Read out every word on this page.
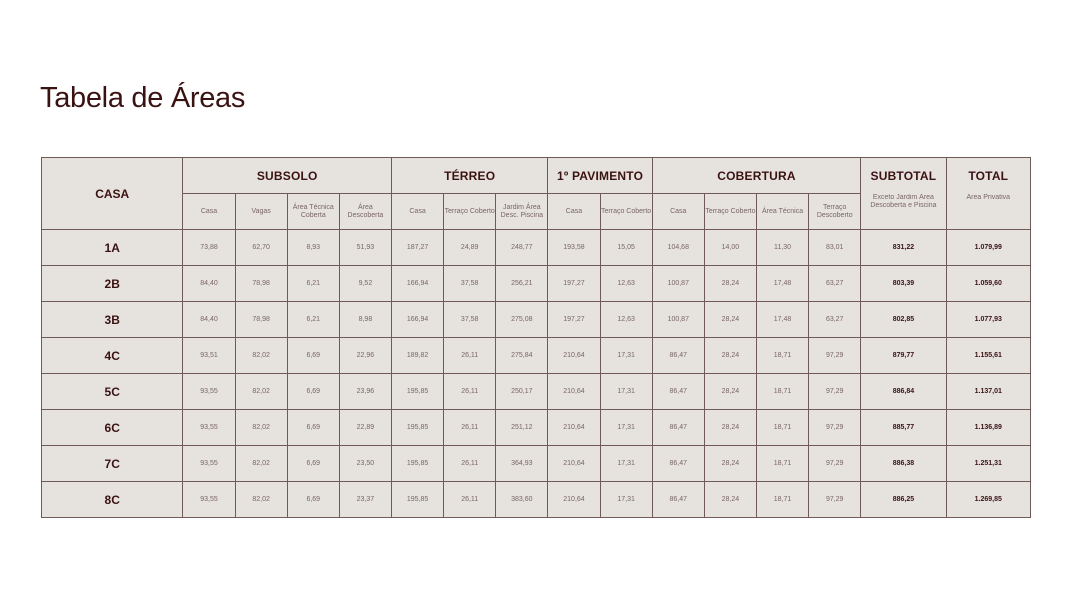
Tabela de Áreas
CASA	SUBSOLO				TÉRREO			1º PAVIMENTO		COBERTURA				SUBTOTAL	TOTAL
	Casa	Vagas	Área Técnica Coberta	Área Descoberta	Casa	Terraço Coberto	Jardim Área Desc. Piscina	Casa	Terraço Coberto	Casa	Terraço Coberto	Área Técnica	Terraço Descoberto	Exceto Jardim Área Descoberta e Piscina	Área Privativa
1A	73,88	62,70	8,93	51,93	187,27	24,89	248,77	193,58	15,05	104,68	14,00	11,30	83,01	831,22	1.079,99
2B	84,40	78,98	6,21	9,52	166,94	37,58	256,21	197,27	12,63	100,87	28,24	17,48	63,27	803,39	1.059,60
3B	84,40	78,98	6,21	8,98	166,94	37,58	275,08	197,27	12,63	100,87	28,24	17,48	63,27	802,85	1.077,93
4C	93,51	82,02	6,69	22,96	189,82	26,11	275,84	210,64	17,31	86,47	28,24	18,71	97,29	879,77	1.155,61
5C	93,55	82,02	6,69	23,96	195,85	26,11	250,17	210,64	17,31	86,47	28,24	18,71	97,29	886,84	1.137,01
6C	93,55	82,02	6,69	22,89	195,85	26,11	251,12	210,64	17,31	86,47	28,24	18,71	97,29	885,77	1.136,89
7C	93,55	82,02	6,69	23,50	195,85	26,11	364,93	210,64	17,31	86,47	28,24	18,71	97,29	886,38	1.251,31
8C	93,55	82,02	6,69	23,37	195,85	26,11	383,60	210,64	17,31	86,47	28,24	18,71	97,29	886,25	1.269,85
